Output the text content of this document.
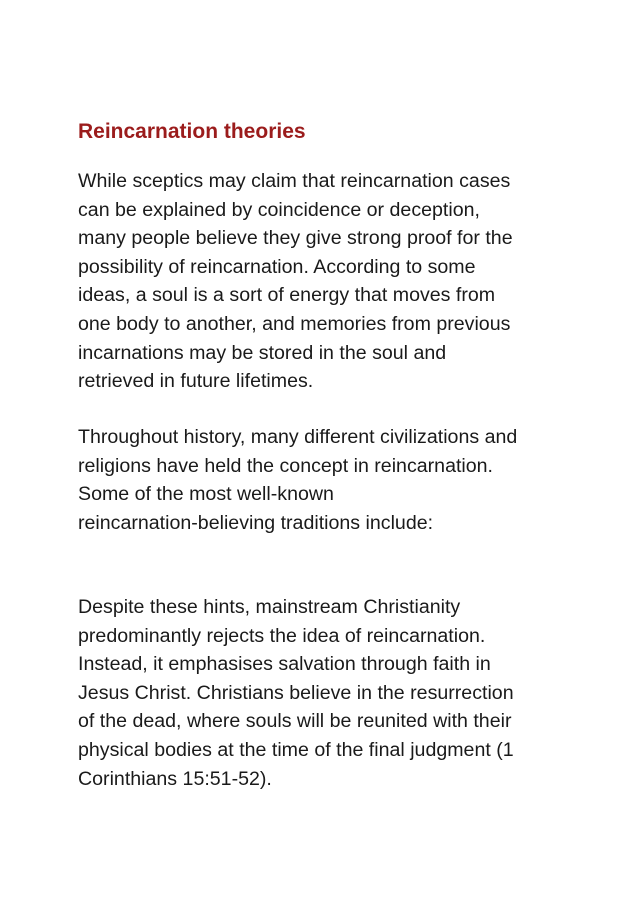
Reincarnation theories

While sceptics may claim that reincarnation cases
can be explained by coincidence or deception,
many people believe they give strong proof for the
possibility of reincarnation. According to some
ideas, a soul is a sort of energy that moves from
one body to another, and memories from previous
incarnations may be stored in the soul and
retrieved in future lifetimes.

Throughout history, many different civilizations and
religions have held the concept in reincarnation.
Some of the most well-known
reincarnation-believing traditions include:

Despite these hints, mainstream Christianity
predominantly rejects the idea of reincarnation.
Instead, it emphasises salvation through faith in
Jesus Christ. Christians believe in the resurrection
of the dead, where souls will be reunited with their
physical bodies at the time of the final judgment (1
Corinthians 15:51-52).
